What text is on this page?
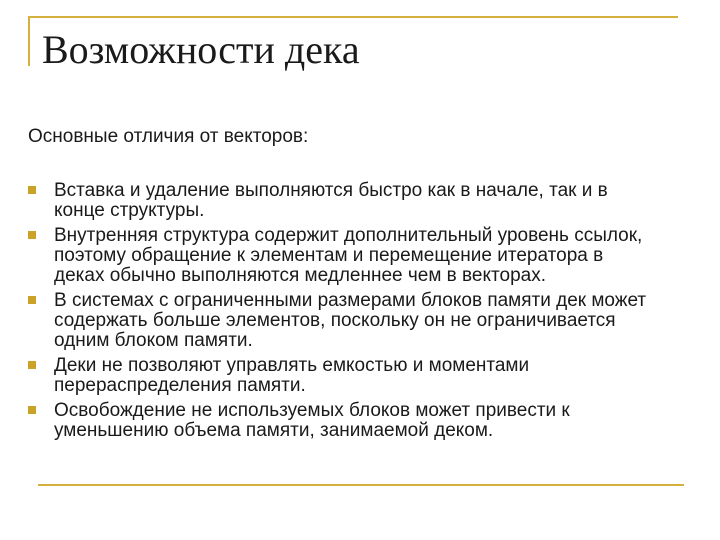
Возможности дека
Основные отличия от векторов:
Вставка и удаление выполняются быстро как в начале, так и в конце структуры.
Внутренняя структура содержит дополнительный уровень ссылок, поэтому обращение к элементам и перемещение итератора в деках обычно выполняются медленнее чем в векторах.
В системах с ограниченными размерами блоков памяти дек может содержать больше элементов, поскольку он не ограничивается одним блоком памяти.
Деки не позволяют управлять емкостью и моментами перераспределения памяти.
Освобождение не используемых блоков может привести к уменьшению объема памяти, занимаемой деком.
